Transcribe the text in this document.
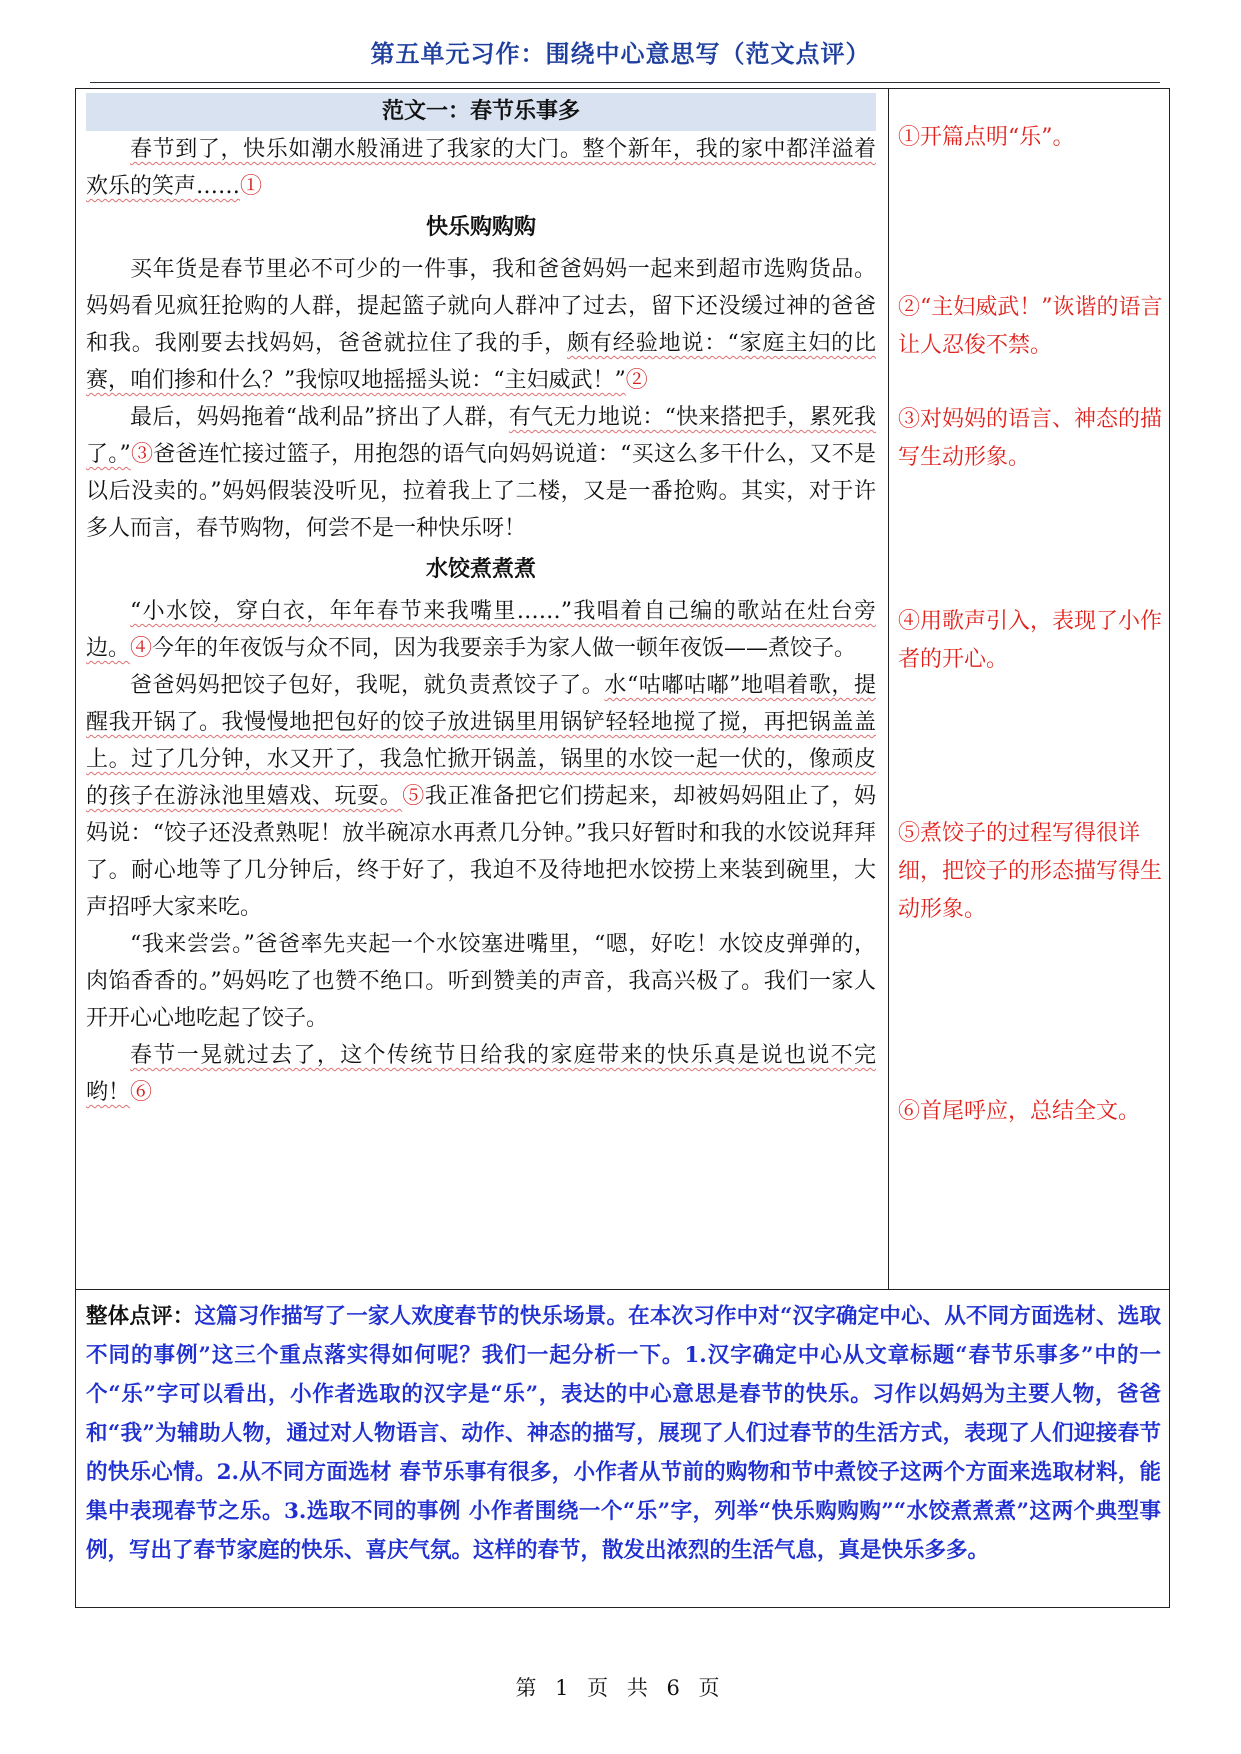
第五单元习作：围绕中心意思写（范文点评）
范文一：春节乐事多

春节到了，快乐如潮水般涌进了我家的大门。整个新年，我的家中都洋溢着欢乐的笑声……①

快乐购购购

买年货是春节里必不可少的一件事，我和爸爸妈妈一起来到超市选购货品。妈妈看见疯狂抢购的人群，提起篮子就向人群冲了过去，留下还没缓过神的爸爸和我。我刚要去找妈妈，爸爸就拉住了我的手，颇有经验地说：“家庭主妇的比赛，咱们掺和什么？”我惊叹地摇摇头说：“主妇威武！”②

最后，妈妈拖着“战利品”挤出了人群，有气无力地说：“快来搭把手，累死我了。”③爸爸连忙接过篮子，用抱怨的语气向妈妈说道：“买这么多干什么，又不是以后没卖的。”妈妈假装没听见，拉着我上了二楼，又是一番抢购。其实，对于许多人而言，春节购物，何尝不是一种快乐呀！

水饺煮煮煮

“小水饺，穿白衣，年年春节来我嘴里……”我唱着自己编的歌站在灶台旁边。④今年的年夜饭与众不同，因为我要亲手为家人做一顿年夜饭——煮饺子。

爸爸妈妈把饺子包好，我呢，就负责煮饺子了。水“咕嘟咕嘟”地唱着歌，提醒我开锅了。我慢慢地把包好的饺子放进锅里用锅铲轻轻地搅了搅，再把锅盖盖上。过了几分钟，水又开了，我急忙掀开锅盖，锅里的水饺一起一伏的，像顽皮的孩子在游泳池里嬉戏、玩耍。⑤我正准备把它们捞起来，却被妈妈阻止了，妈妈说：“饺子还没煮熟呢！放半碗凉水再煮几分钟。”我只好暂时和我的水饺说拜拜了。耐心地等了几分钟后，终于好了，我迫不及待地把水饺捞上来装到碗里，大声招呼大家来吃。

“我来尝尝。”爸爸率先夹起一个水饺塞进嘴里，“嗯，好吃！水饺皮弹弹的，肉馅香香的。”妈妈吃了也赞不绝口。听到赞美的声音，我高兴极了。我们一家人开开心心地吃起了饺子。

春节一晃就过去了，这个传统节日给我的家庭带来的快乐真是说也说不完哟！⑥

①开篇点明“乐”。
②“主妇威武！”诙谐的语言让人忍俊不禁。
③对妈妈的语言、神态的描写生动形象。
④用歌声引入，表现了小作者的开心。
⑤煮饺子的过程写得很详细，把饺子的形态描写得生动形象。
⑥首尾呼应，总结全文。
整体点评：这篇习作描写了一家人欢度春节的快乐场景。在本次习作中对“汉字确定中心、从不同方面选材、选取不同的事例”这三个重点落实得如何呢？我们一起分析一下。1.汉字确定中心从文章标题“春节乐事多”中的一个“乐”字可以看出，小作者选取的汉字是“乐”，表达的中心意思是春节的快乐。习作以妈妈为主要人物，爸爸和“我”为辅助人物，通过对人物语言、动作、神态的描写，展现了人们过春节的生活方式，表现了人们迎接春节的快乐心情。2.从不同方面选材 春节乐事有很多，小作者从节前的购物和节中煮饺子这两个方面来选取材料，能集中表现春节之乐。3.选取不同的事例 小作者围绕一个“乐”字，列举“快乐购购购”“水饺煮煮煮”这两个典型事例，写出了春节家庭的快乐、喜庆气氛。这样的春节，散发出浓烈的生活气息，真是快乐多多。
第 1 页 共 6 页
